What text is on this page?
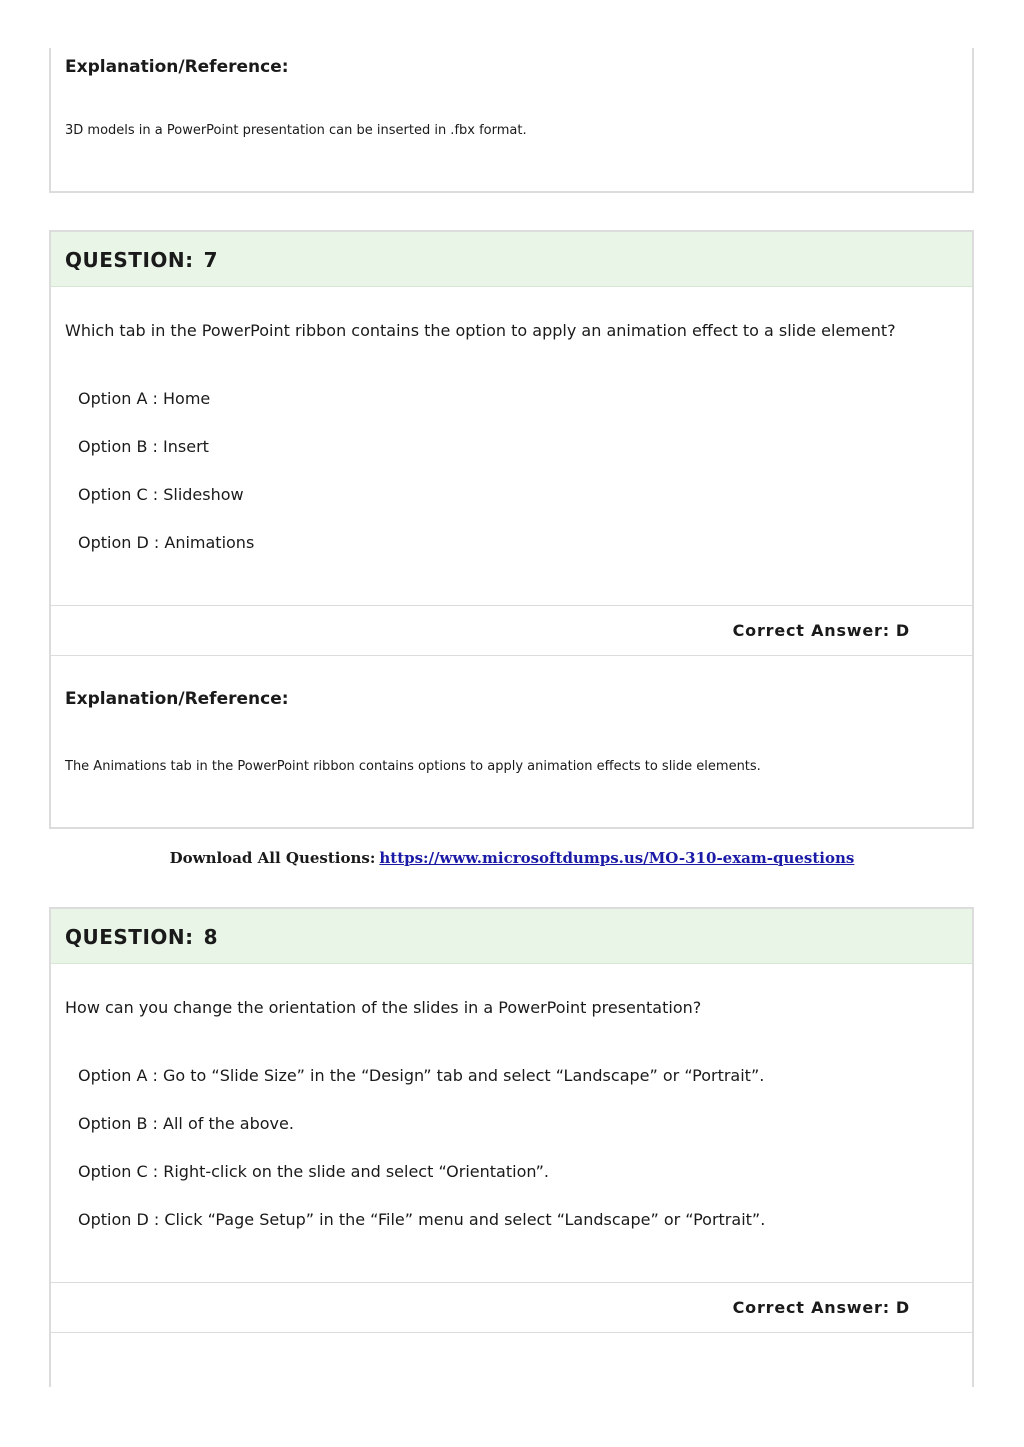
Explanation/Reference:
3D models in a PowerPoint presentation can be inserted in .fbx format.
QUESTION: 7
Which tab in the PowerPoint ribbon contains the option to apply an animation effect to a slide element?
Option A : Home
Option B : Insert
Option C : Slideshow
Option D : Animations
Correct Answer: D
Explanation/Reference:
The Animations tab in the PowerPoint ribbon contains options to apply animation effects to slide elements.
Download All Questions: https://www.microsoftdumps.us/MO-310-exam-questions
QUESTION: 8
How can you change the orientation of the slides in a PowerPoint presentation?
Option A : Go to “Slide Size” in the “Design” tab and select “Landscape” or “Portrait”.
Option B : All of the above.
Option C : Right-click on the slide and select “Orientation”.
Option D : Click “Page Setup” in the “File” menu and select “Landscape” or “Portrait”.
Correct Answer: D
